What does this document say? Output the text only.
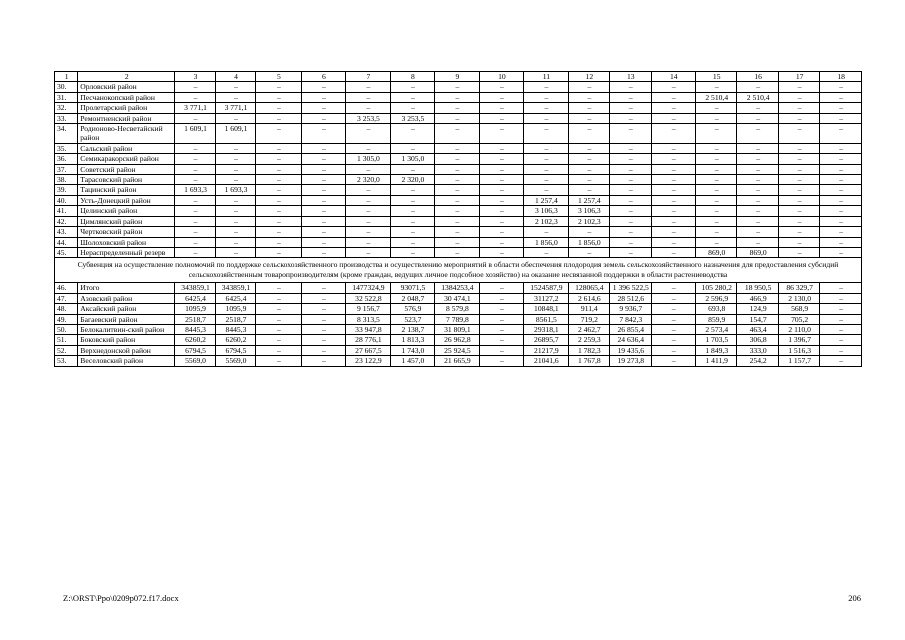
1	2	3	4	5	6	7	8	9	10	11	12	13	14	15	16	17	18
30.	Орловский район	–	–	–	–	–	–	–	–	–	–	–	–	–	–	–	–
31.	Песчанокопский район	–	–	–	–	–	–	–	–	–	–	–	–	2 510,4	2 510,4	–	–
32.	Пролетарский район	3 771,1	3 771,1	–	–	–	–	–	–	–	–	–	–	–	–	–	–
33.	Ремонтненский район	–	–	–	–	3 253,5	3 253,5	–	–	–	–	–	–	–	–	–	–
34.	Родионово-Несветайский район	1 609,1	1 609,1	–	–	–	–	–	–	–	–	–	–	–	–	–	–
35.	Сальский район	–	–	–	–	–	–	–	–	–	–	–	–	–	–	–	–
36.	Семикаракорский район	–	–	–	–	1 305,0	1 305,0	–	–	–	–	–	–	–	–	–	–
37.	Советский район	–	–	–	–	–	–	–	–	–	–	–	–	–	–	–	–
38.	Тарасовский район	–	–	–	–	2 320,0	2 320,0	–	–	–	–	–	–	–	–	–	–
39.	Тацинский район	1 693,3	1 693,3	–	–	–	–	–	–	–	–	–	–	–	–	–	–
40.	Усть-Донецкий район	–	–	–	–	–	–	–	–	1 257,4	1 257,4	–	–	–	–	–	–
41.	Целинский район	–	–	–	–	–	–	–	–	3 106,3	3 106,3	–	–	–	–	–	–
42.	Цимлянский район	–	–	–	–	–	–	–	–	2 102,3	2 102,3	–	–	–	–	–	–
43.	Чертковский район	–	–	–	–	–	–	–	–	–	–	–	–	–	–	–	–
44.	Шолоховский район	–	–	–	–	–	–	–	–	1 856,0	1 856,0	–	–	–	–	–	–
45.	Нераспределенный резерв	–	–	–	–	–	–	–	–	–	–	–	–	869,0	869,0	–	–
Субвенция на осуществление полномочий по поддержке сельскохозяйственного производства и осуществлению мероприятий в области обеспечения плодородия земель сельскохозяйственного назначения для предоставления субсидий сельскохозяйственным товаропроизводителям (кроме граждан, ведущих личное подсобное хозяйство) на оказание несвязанной поддержки в области растениеводства																	
46.	Итого	343859,1	343859,1	–	–	1477324,9	93071,5	1384253,4	–	1524587,9	128065,4	1 396 522,5	–	105 280,2	18 950,5	86 329,7	–
47.	Азовский район	6425,4	6425,4	–	–	32 522,8	2 048,7	30 474,1	–	31127,2	2 614,6	28 512,6	–	2 596,9	466,9	2 130,0	–
48.	Аксайский район	1095,9	1095,9	–	–	9 156,7	576,9	8 579,8	–	10848,1	911,4	9 936,7	–	693,8	124,9	568,9	–
49.	Багаевский район	2518,7	2518,7	–	–	8 313,5	523,7	7 789,8	–	8561,5	719,2	7 842,3	–	859,9	154,7	705,2	–
50.	Белокалитвин-ский район	8445,3	8445,3	–	–	33 947,8	2 138,7	31 809,1	–	29318,1	2 462,7	26 855,4	–	2 573,4	463,4	2 110,0	–
51.	Боковский район	6260,2	6260,2	–	–	28 776,1	1 813,3	26 962,8	–	26895,7	2 259,3	24 636,4	–	1 703,5	306,8	1 396,7	–
52.	Верхнедонской район	6794,5	6794,5	–	–	27 667,5	1 743,0	25 924,5	–	21217,9	1 782,3	19 435,6	–	1 849,3	333,0	1 516,3	–
53.	Веселовский район	5569,0	5569,0	–	–	23 122,9	1 457,0	21 665,9	–	21041,6	1 767,8	19 273,8	–	1 411,9	254,2	1 157,7	–
Z:\ORST\Ppo\0209p072.f17.docx	206
